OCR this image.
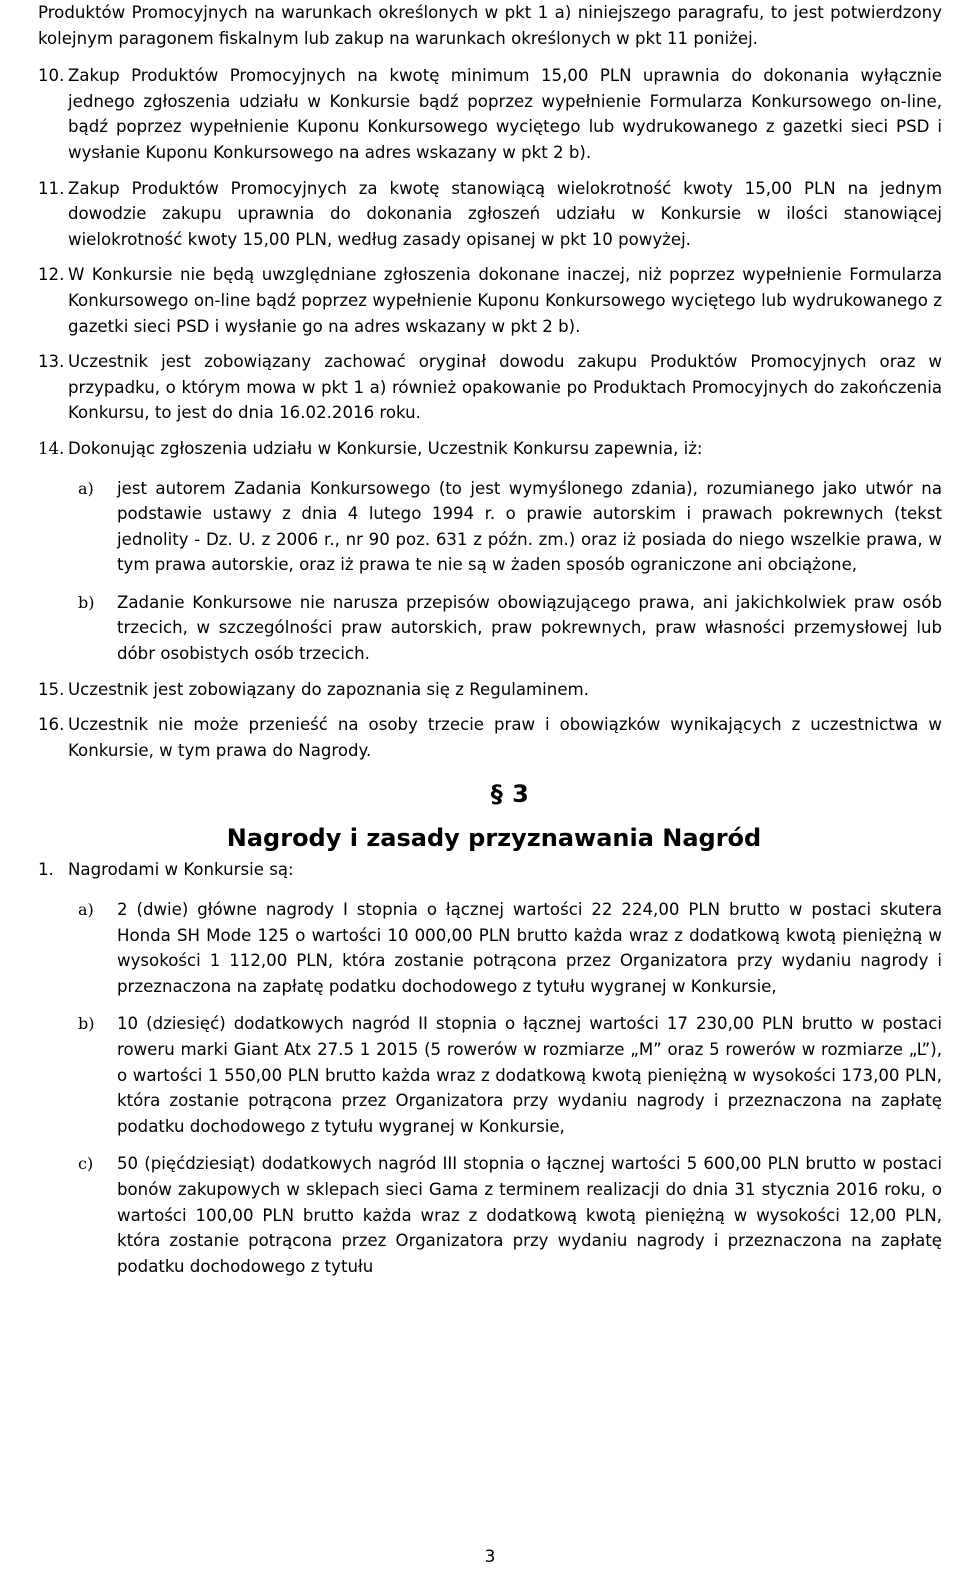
Produktów Promocyjnych na warunkach określonych w pkt 1 a) niniejszego paragrafu, to jest potwierdzony kolejnym paragonem fiskalnym lub zakup na warunkach określonych w pkt 11 poniżej.
10. Zakup Produktów Promocyjnych na kwotę minimum 15,00 PLN uprawnia do dokonania wyłącznie jednego zgłoszenia udziału w Konkursie bądź poprzez wypełnienie Formularza Konkursowego on-line, bądź poprzez wypełnienie Kuponu Konkursowego wyciętego lub wydrukowanego z gazetki sieci PSD i wysłanie Kuponu Konkursowego na adres wskazany w pkt 2 b).
11. Zakup Produktów Promocyjnych za kwotę stanowiącą wielokrotność kwoty 15,00 PLN na jednym dowodzie zakupu uprawnia do dokonania zgłoszeń udziału w Konkursie w ilości stanowiącej wielokrotność kwoty 15,00 PLN, według zasady opisanej w pkt 10 powyżej.
12. W Konkursie nie będą uwzględniane zgłoszenia dokonane inaczej, niż poprzez wypełnienie Formularza Konkursowego on-line bądź poprzez wypełnienie Kuponu Konkursowego wyciętego lub wydrukowanego z gazetki sieci PSD i wysłanie go na adres wskazany w pkt 2 b).
13. Uczestnik jest zobowiązany zachować oryginał dowodu zakupu Produktów Promocyjnych oraz w przypadku, o którym mowa w pkt 1 a) również opakowanie po Produktach Promocyjnych do zakończenia Konkursu, to jest do dnia 16.02.2016 roku.
14. Dokonując zgłoszenia udziału w Konkursie, Uczestnik Konkursu zapewnia, iż:
a)	jest autorem Zadania Konkursowego (to jest wymyślonego zdania), rozumianego jako utwór na podstawie ustawy z dnia 4 lutego 1994 r. o prawie autorskim i prawach pokrewnych (tekst jednolity - Dz. U. z 2006 r., nr 90 poz. 631 z późn. zm.) oraz iż posiada do niego wszelkie prawa, w tym prawa autorskie, oraz iż prawa te nie są w żaden sposób ograniczone ani obciążone,
b)	Zadanie Konkursowe nie narusza przepisów obowiązującego prawa, ani jakichkolwiek praw osób trzecich, w szczególności praw autorskich, praw pokrewnych, praw własności przemysłowej lub dóbr osobistych osób trzecich.
15. Uczestnik jest zobowiązany do zapoznania się z Regulaminem.
16. Uczestnik nie może przenieść na osoby trzecie praw i obowiązków wynikających z uczestnictwa w Konkursie, w tym prawa do Nagrody.
§ 3
Nagrody i zasady przyznawania Nagród
1. Nagrodami w Konkursie są:
a)	2 (dwie) główne nagrody I stopnia o łącznej wartości 22 224,00 PLN brutto w postaci skutera Honda SH Mode 125 o wartości 10 000,00 PLN brutto każda wraz z dodatkową kwotą pieniężną w wysokości 1 112,00 PLN, która zostanie potrącona przez Organizatora przy wydaniu nagrody i przeznaczona na zapłatę podatku dochodowego z tytułu wygranej w Konkursie,
b)	10 (dziesięć) dodatkowych nagród II stopnia o łącznej wartości 17 230,00 PLN brutto w postaci roweru marki Giant Atx 27.5 1 2015 (5 rowerów w rozmiarze „M” oraz 5 rowerów w rozmiarze „L”), o wartości 1 550,00 PLN brutto każda wraz z dodatkową kwotą pieniężną w wysokości 173,00 PLN, która zostanie potrącona przez Organizatora przy wydaniu nagrody i przeznaczona na zapłatę podatku dochodowego z tytułu wygranej w Konkursie,
c)	50 (pięćdziesiąt) dodatkowych nagród III stopnia o łącznej wartości 5 600,00 PLN brutto w postaci bonów zakupowych w sklepach sieci Gama z terminem realizacji do dnia 31 stycznia 2016 roku, o wartości 100,00 PLN brutto każda wraz z dodatkową kwotą pieniężną w wysokości 12,00 PLN, która zostanie potrącona przez Organizatora przy wydaniu nagrody i przeznaczona na zapłatę podatku dochodowego z tytułu
3
